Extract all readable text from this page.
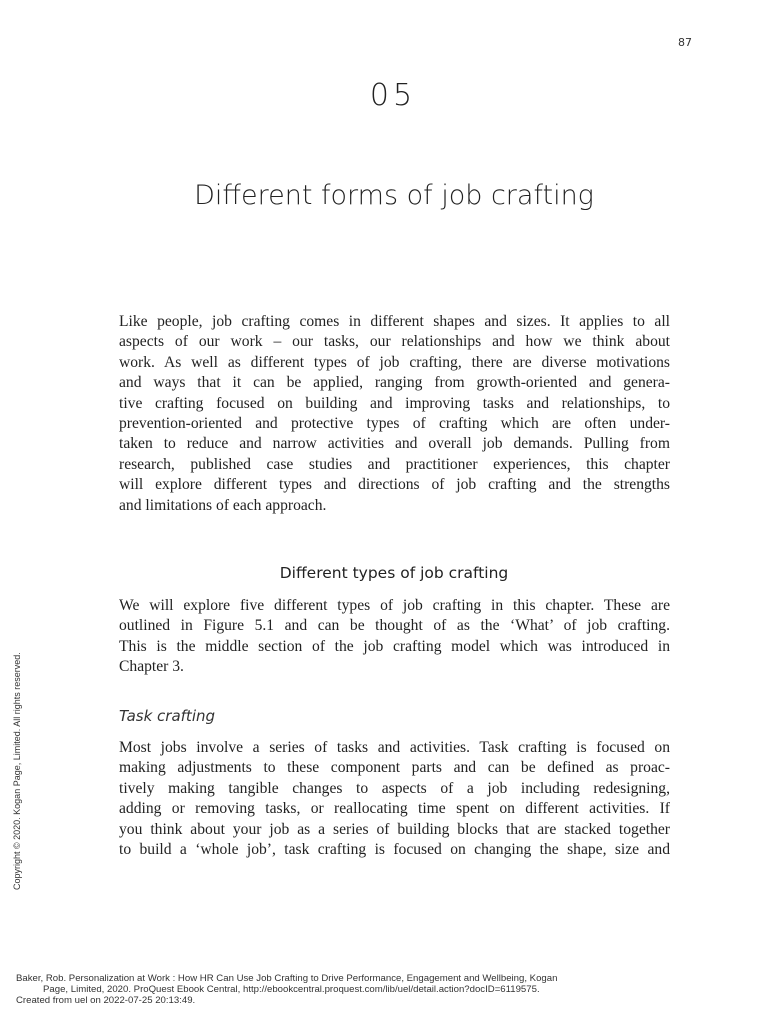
87
05
Different forms of job crafting
Like people, job crafting comes in different shapes and sizes. It applies to all
aspects of our work – our tasks, our relationships and how we think about
work. As well as different types of job crafting, there are diverse motivations
and ways that it can be applied, ranging from growth-oriented and genera-
tive crafting focused on building and improving tasks and relationships, to
prevention-oriented and protective types of crafting which are often under-
taken to reduce and narrow activities and overall job demands. Pulling from
research, published case studies and practitioner experiences, this chapter
will explore different types and directions of job crafting and the strengths
and limitations of each approach.
Different types of job crafting
We will explore five different types of job crafting in this chapter. These are
outlined in Figure 5.1 and can be thought of as the ‘What’ of job crafting.
This is the middle section of the job crafting model which was introduced in
Chapter 3.
Task crafting
Most jobs involve a series of tasks and activities. Task crafting is focused on
making adjustments to these component parts and can be defined as proac-
tively making tangible changes to aspects of a job including redesigning,
adding or removing tasks, or reallocating time spent on different activities. If
you think about your job as a series of building blocks that are stacked together
to build a ‘whole job’, task crafting is focused on changing the shape, size and
Copyright © 2020. Kogan Page, Limited. All rights reserved.
Baker, Rob. Personalization at Work : How HR Can Use Job Crafting to Drive Performance, Engagement and Wellbeing, Kogan
Page, Limited, 2020. ProQuest Ebook Central, http://ebookcentral.proquest.com/lib/uel/detail.action?docID=6119575.
Created from uel on 2022-07-25 20:13:49.
